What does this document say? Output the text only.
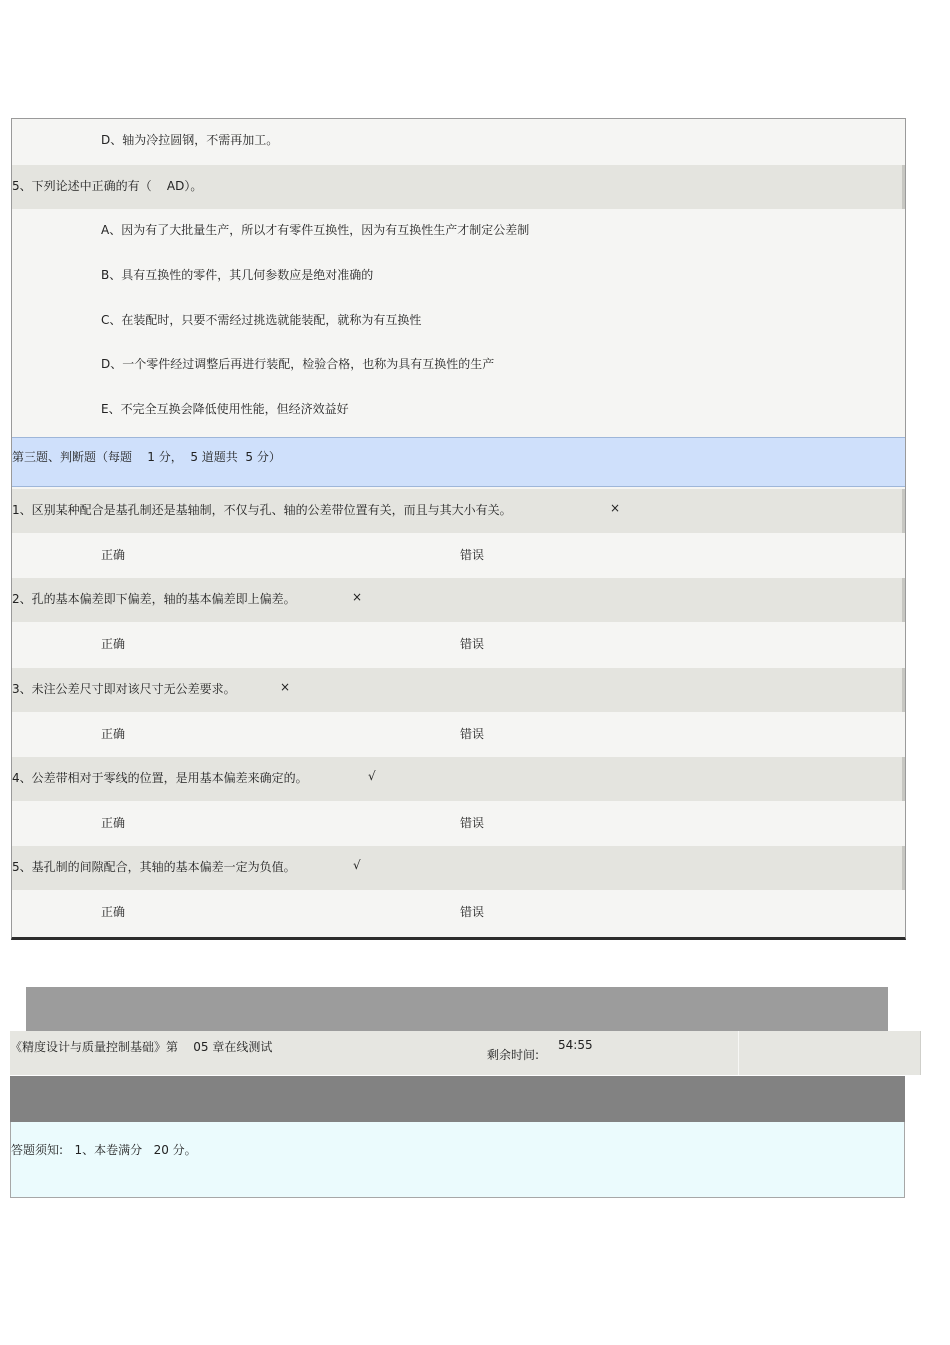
D、轴为冷拉圆钢，不需再加工。
5、下列论述中正确的有（    AD）。
A、因为有了大批量生产，所以才有零件互换性，因为有互换性生产才制定公差制
B、具有互换性的零件，其几何参数应是绝对准确的
C、在装配时，只要不需经过挑选就能装配，就称为有互换性
D、一个零件经过调整后再进行装配，检验合格，也称为具有互换性的生产
E、不完全互换会降低使用性能，但经济效益好
第三题、判断题（每题    1 分，  5 道题共  5 分）
1、区别某种配合是基孔制还是基轴制，不仅与孔、轴的公差带位置有关，而且与其大小有关。	×
正确	错误
2、孔的基本偏差即下偏差，轴的基本偏差即上偏差。	×
正确	错误
3、未注公差尺寸即对该尺寸无公差要求。	×
正确	错误
4、公差带相对于零线的位置，是用基本偏差来确定的。	√
正确	错误
5、基孔制的间隙配合，其轴的基本偏差一定为负值。	√
正确	错误
《精度设计与质量控制基础》第    05 章在线测试
剩余时间:
54:55
答题须知:   1、本卷满分   20 分。
